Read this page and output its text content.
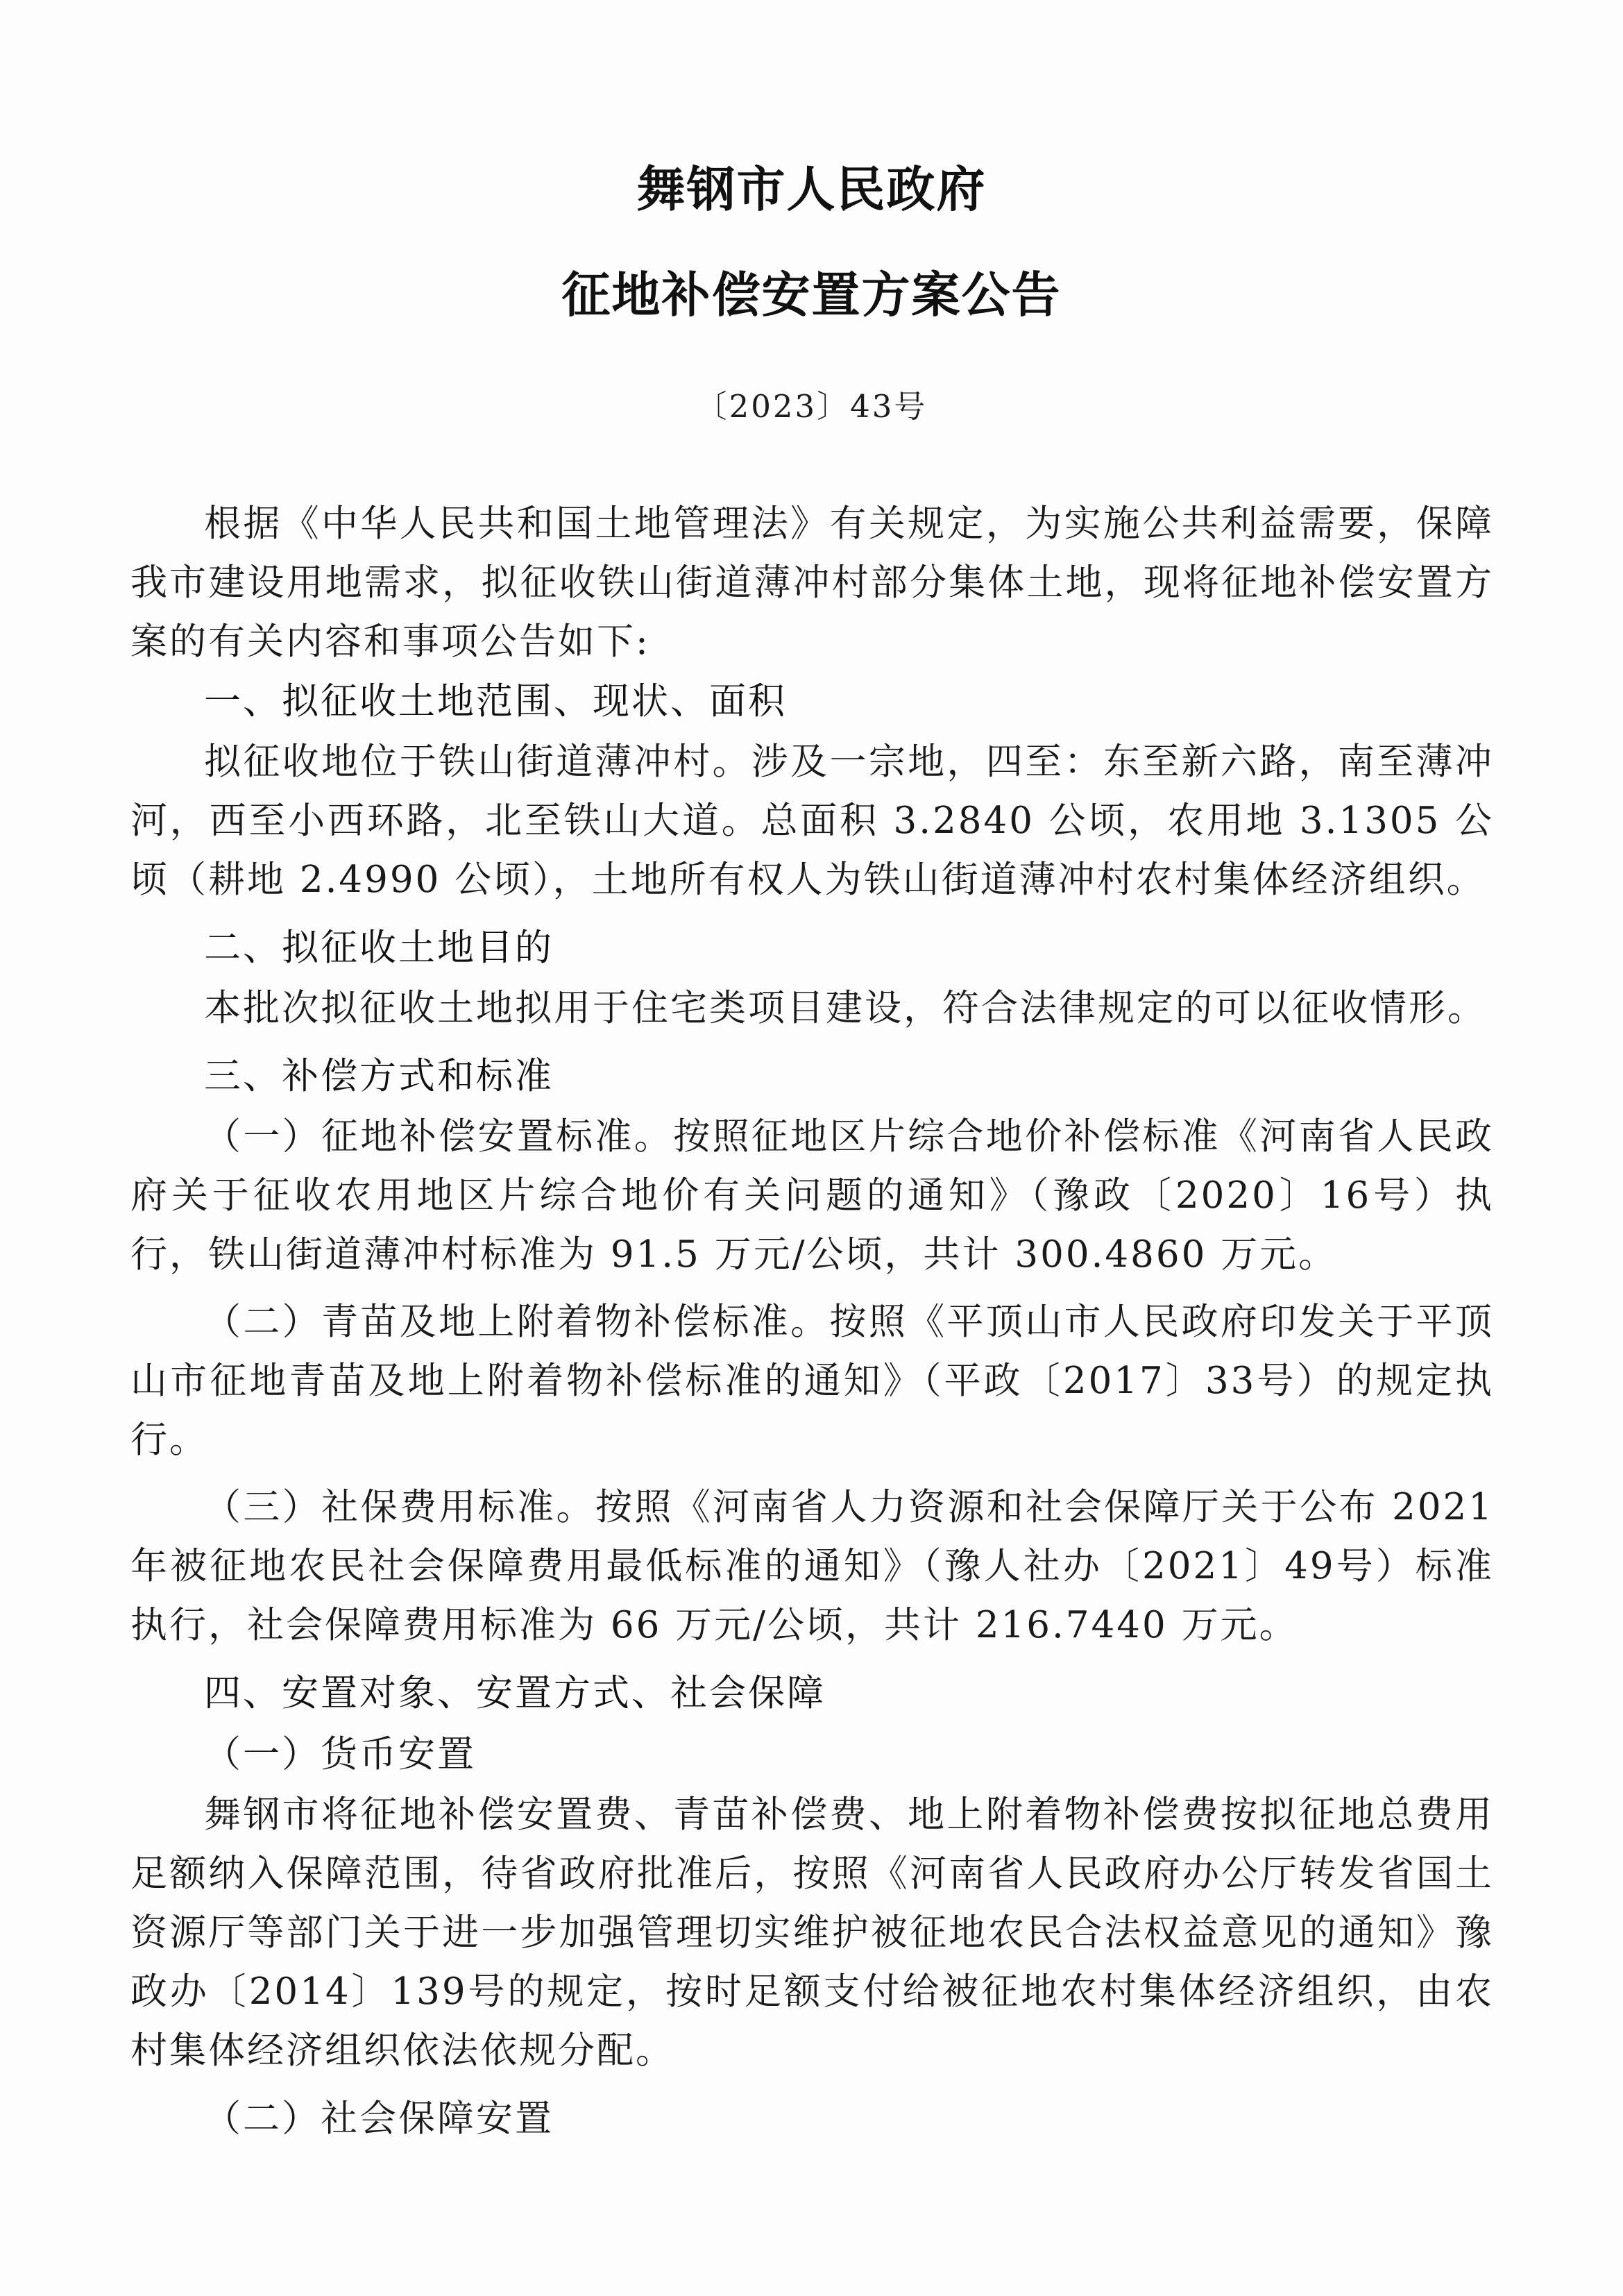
舞钢市人民政府

征地补偿安置方案公告

〔2023〕43号

根据《中华人民共和国土地管理法》有关规定，为实施公共利益需要，保障我市建设用地需求，拟征收铁山街道薄冲村部分集体土地，现将征地补偿安置方案的有关内容和事项公告如下:

一、拟征收土地范围、现状、面积

拟征收地位于铁山街道薄冲村。涉及一宗地，四至：东至新六路，南至薄冲河，西至小西环路，北至铁山大道。总面积 3.2840 公顷，农用地 3.1305 公顷（耕地 2.4990 公顷），土地所有权人为铁山街道薄冲村农村集体经济组织。

二、拟征收土地目的

本批次拟征收土地拟用于住宅类项目建设，符合法律规定的可以征收情形。

三、补偿方式和标准

（一）征地补偿安置标准。按照征地区片综合地价补偿标准《河南省人民政府关于征收农用地区片综合地价有关问题的通知》（豫政〔2020〕16号）执行，铁山街道薄冲村标准为 91.5 万元/公顷，共计 300.4860 万元。

（二）青苗及地上附着物补偿标准。按照《平顶山市人民政府印发关于平顶山市征地青苗及地上附着物补偿标准的通知》（平政〔2017〕33号）的规定执行。

（三）社保费用标准。按照《河南省人力资源和社会保障厅关于公布 2021 年被征地农民社会保障费用最低标准的通知》（豫人社办〔2021〕49号）标准执行，社会保障费用标准为 66 万元/公顷，共计 216.7440 万元。

四、安置对象、安置方式、社会保障

（一）货币安置

舞钢市将征地补偿安置费、青苗补偿费、地上附着物补偿费按拟征地总费用足额纳入保障范围，待省政府批准后，按照《河南省人民政府办公厅转发省国土资源厅等部门关于进一步加强管理切实维护被征地农民合法权益意见的通知》豫政办〔2014〕139号的规定，按时足额支付给被征地农村集体经济组织，由农村集体经济组织依法依规分配。

（二）社会保障安置
